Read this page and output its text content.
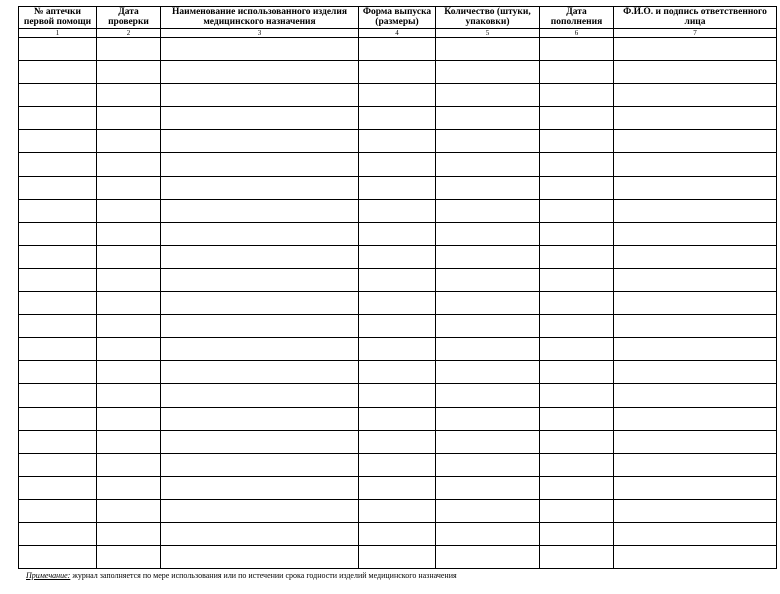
№ аптечки первой помощи	Дата проверки	Наименование использованного изделия медицинского назначения	Форма выпуска (размеры)	Количество (штуки, упаковки)	Дата пополнения	Ф.И.О. и подпись ответственного лица
1	2	3	4	5	6	7

Примечание: журнал заполняется по мере использования или по истечении срока годности изделий медицинского назначения
